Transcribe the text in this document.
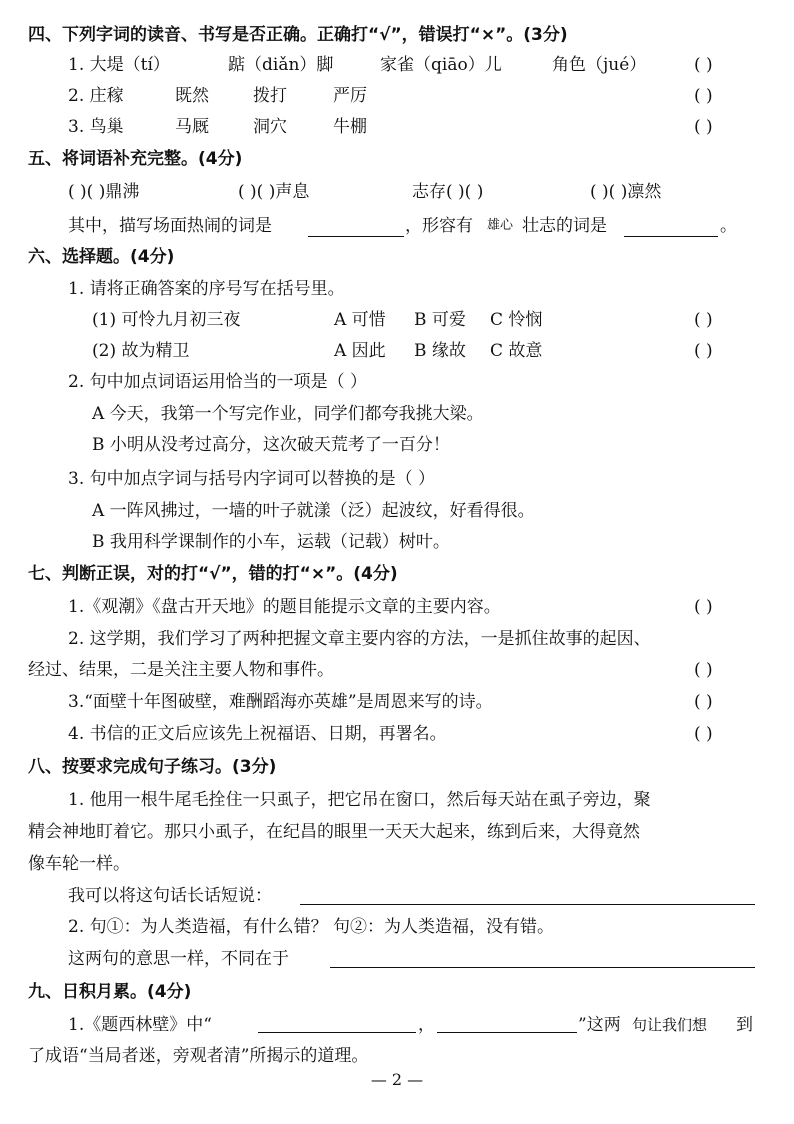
四、下列字词的读音、书写是否正确。正确打“√”，错误打“×”。(3分)
1. 大堤（tí）	踮（diǎn）脚	家雀（qiāo）儿	角色（jué）	( )
2. 庄稼	既然	拨打	严厉	( )
3. 鸟巢	马厩	洞穴	牛棚	( )
五、将词语补充完整。(4分)
( )( )鼎沸	( )( )声息	志存( )( )	( )( )凛然
其中，描写场面热闹的词是	，形容有 雄心 壮志的词是	。
六、选择题。(4分)
1. 请将正确答案的序号写在括号里。
(1) 可怜九月初三夜	A 可惜 B 可爱 C 怜悯	( )
(2) 故为精卫	A 因此 B 缘故 C 故意	( )
2. 句中加点词语运用恰当的一项是（ ）
A 今天，我第一个写完作业，同学们都夸我挑大梁。
B 小明从没考过高分，这次破天荒考了一百分！
3. 句中加点字词与括号内字词可以替换的是（ ）
A 一阵风拂过，一墙的叶子就漾（泛）起波纹，好看得很。
B 我用科学课制作的小车，运载（记载）树叶。
七、判断正误，对的打“√”，错的打“×”。(4分)
1.《观潮》《盘古开天地》的题目能提示文章的主要内容。	( )
2. 这学期，我们学习了两种把握文章主要内容的方法，一是抓住故事的起因、
经过、结果，二是关注主要人物和事件。	( )
3.“面壁十年图破壁，难酬蹈海亦英雄”是周恩来写的诗。	( )
4. 书信的正文后应该先上祝福语、日期，再署名。	( )
八、按要求完成句子练习。(3分)
1. 他用一根牛尾毛拴住一只虱子，把它吊在窗口，然后每天站在虱子旁边，聚
精会神地盯着它。那只小虱子，在纪昌的眼里一天天大起来，练到后来，大得竟然
像车轮一样。
我可以将这句话长话短说：
2. 句①：为人类造福，有什么错？ 句②：为人类造福，没有错。
这两句的意思一样，不同在于
九、日积月累。(4分)
1.《题西林壁》中“	，	”这两 句让我们想 到
了成语“当局者迷，旁观者清”所揭示的道理。
— 2 —
